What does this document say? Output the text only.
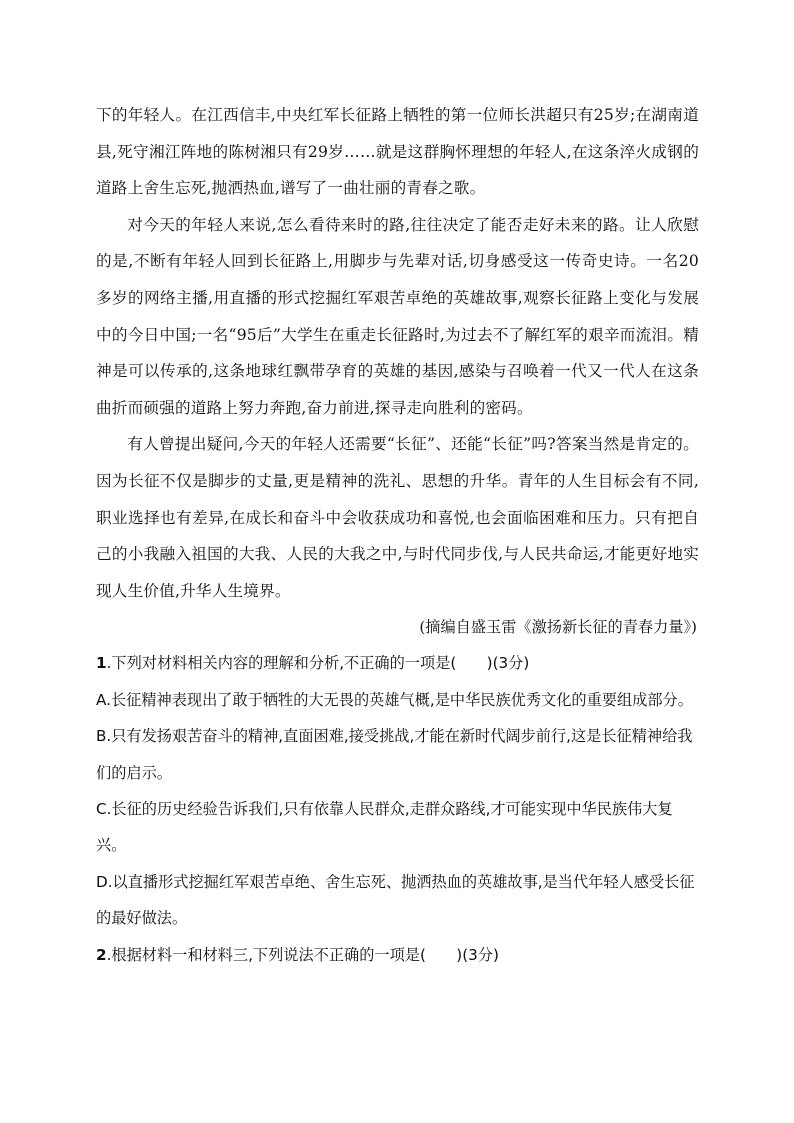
下的年轻人。在江西信丰,中央红军长征路上牺牲的第一位师长洪超只有25岁;在湖南道县,死守湘江阵地的陈树湘只有29岁……就是这群胸怀理想的年轻人,在这条淬火成钢的道路上舍生忘死,抛洒热血,谱写了一曲壮丽的青春之歌。

对今天的年轻人来说,怎么看待来时的路,往往决定了能否走好未来的路。让人欣慰的是,不断有年轻人回到长征路上,用脚步与先辈对话,切身感受这一传奇史诗。一名20多岁的网络主播,用直播的形式挖掘红军艰苦卓绝的英雄故事,观察长征路上变化与发展中的今日中国;一名“95后”大学生在重走长征路时,为过去不了解红军的艰辛而流泪。精神是可以传承的,这条地球红飘带孕育的英雄的基因,感染与召唤着一代又一代人在这条曲折而硕强的道路上努力奔跑,奋力前进,探寻走向胜利的密码。

有人曾提出疑问,今天的年轻人还需要“长征”、还能“长征”吗?答案当然是肯定的。因为长征不仅是脚步的丈量,更是精神的洗礼、思想的升华。青年的人生目标会有不同,职业选择也有差异,在成长和奋斗中会收获成功和喜悦,也会面临困难和压力。只有把自己的小我融入祖国的大我、人民的大我之中,与时代同步伐,与人民共命运,才能更好地实现人生价值,升华人生境界。

(摘编自盛玉雷《激扬新长征的青春力量》)

1.下列对材料相关内容的理解和分析,不正确的一项是(　　)(3分)

A.长征精神表现出了敢于牺牲的大无畏的英雄气概,是中华民族优秀文化的重要组成部分。

B.只有发扬艰苦奋斗的精神,直面困难,接受挑战,才能在新时代阔步前行,这是长征精神给我们的启示。

C.长征的历史经验告诉我们,只有依靠人民群众,走群众路线,才可能实现中华民族伟大复兴。

D.以直播形式挖掘红军艰苦卓绝、舍生忘死、抛洒热血的英雄故事,是当代年轻人感受长征的最好做法。

2.根据材料一和材料三,下列说法不正确的一项是(　　)(3分)
